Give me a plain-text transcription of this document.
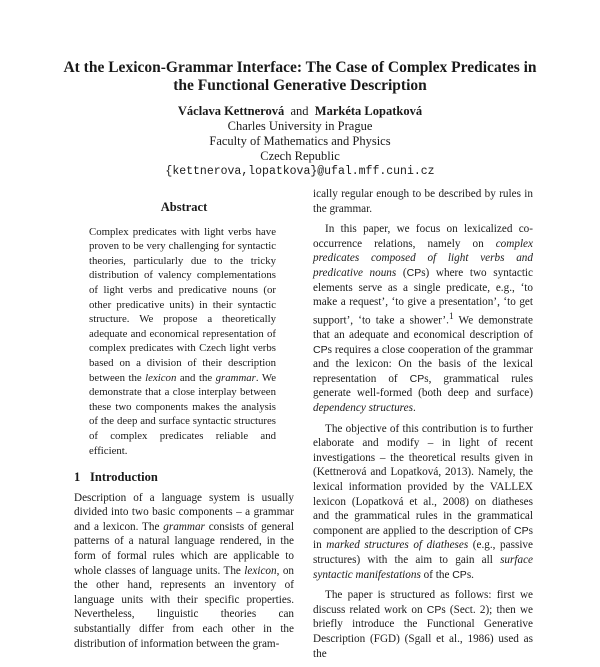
At the Lexicon-Grammar Interface: The Case of Complex Predicates in
the Functional Generative Description
Václava Kettnerová and Markéta Lopatková
Charles University in Prague
Faculty of Mathematics and Physics
Czech Republic
{kettnerova,lopatkova}@ufal.mff.cuni.cz
Abstract
Complex predicates with light verbs have proven to be very challenging for syntactic theories, particularly due to the tricky distribution of valency complementations of light verbs and predicative nouns (or other predicative units) in their syntactic structure. We propose a theoretically adequate and economical representation of complex predicates with Czech light verbs based on a division of their description between the lexicon and the grammar. We demonstrate that a close interplay between these two components makes the analysis of the deep and surface syntactic structures of complex predicates reliable and efficient.
1 Introduction

Description of a language system is usually divided into two basic components – a grammar and a lexicon. The grammar consists of general patterns of a natural language rendered, in the form of formal rules which are applicable to whole classes of language units. The lexicon, on the other hand, represents an inventory of language units with their specific properties. Nevertheless, linguistic theories can substantially differ from each other in the distribution of information between the gram-

ically regular enough to be described by rules in the grammar.

In this paper, we focus on lexicalized co-occurrence relations, namely on complex predicates composed of light verbs and predicative nouns (CPs) where two syntactic elements serve as a single predicate, e.g., ‘to make a request’, ‘to give a presentation’, ‘to get support’, ‘to take a shower’.$^1$ We demonstrate that an adequate and economical description of CPs requires a close cooperation of the grammar and the lexicon: On the basis of the lexical representation of CPs, grammatical rules generate well-formed (both deep and surface) dependency structures.

The objective of this contribution is to further elaborate and modify – in light of recent investigations – the theoretical results given in (Kettnerová and Lopatková, 2013). Namely, the lexical information provided by the VALLEX lexicon (Lopatková et al., 2008) on diatheses and the grammatical rules in the grammatical component are applied to the description of CPs in marked structures of diatheses (e.g., passive structures) with the aim to gain all surface syntactic manifestations of the CPs.

The paper is structured as follows: first we discuss related work on CPs (Sect. 2); then we briefly introduce the Functional Generative Description (FGD) (Sgall et al., 1986) used as the
